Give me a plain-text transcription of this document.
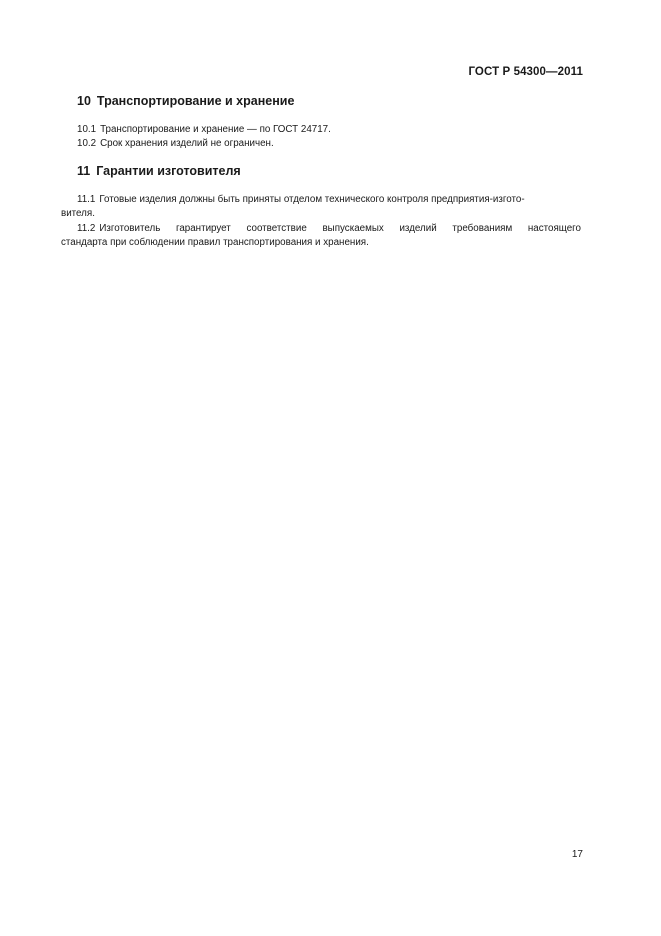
ГОСТ Р 54300—2011
10 Транспортирование и хранение

10.1 Транспортирование и хранение — по ГОСТ 24717.

10.2 Срок хранения изделий не ограничен.

11 Гарантии изготовителя

11.1 Готовые изделия должны быть приняты отделом технического контроля предприятия-изгото-

вителя.

11.2 Изготовитель гарантирует соответствие выпускаемых изделий требованиям настоящего

стандарта при соблюдении правил транспортирования и хранения.

17
